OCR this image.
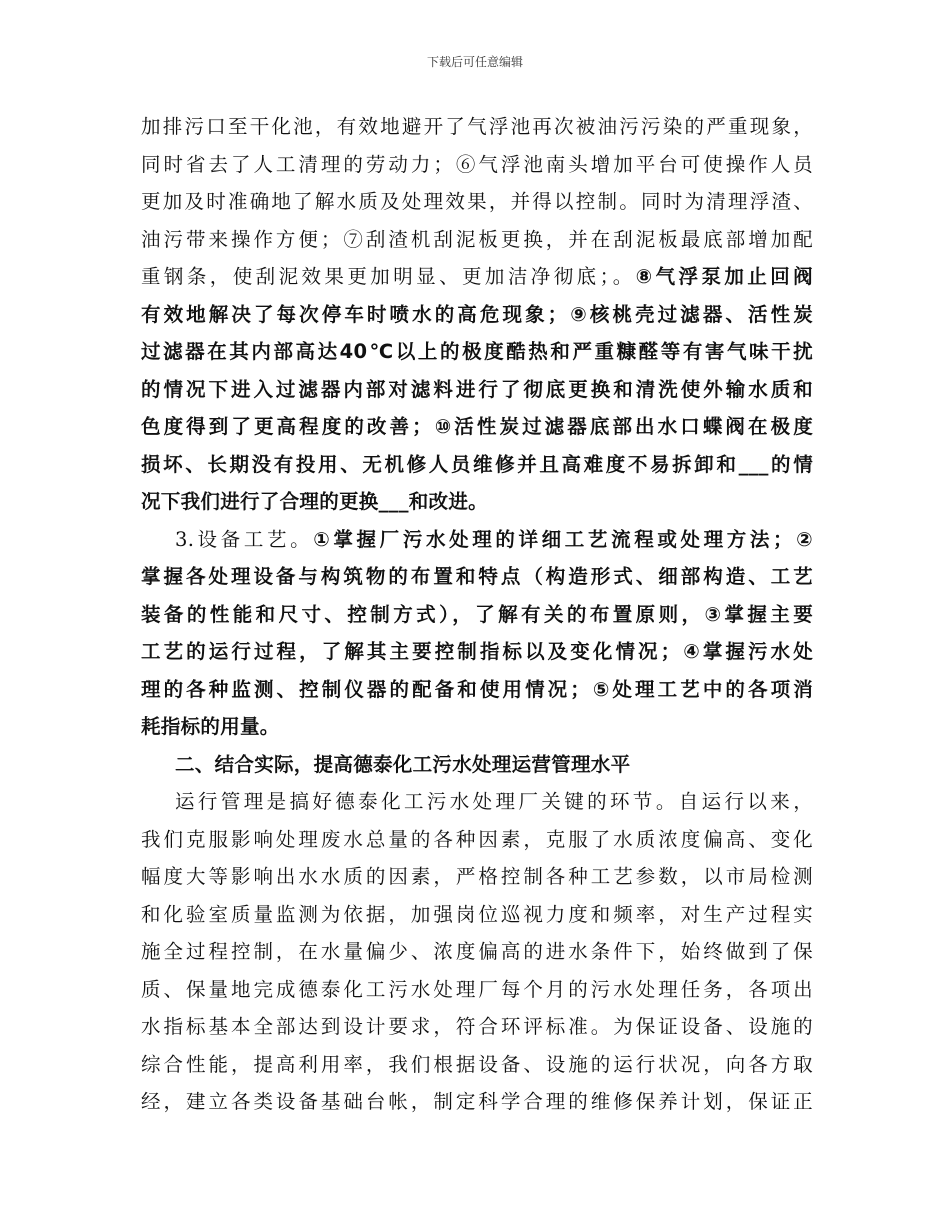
下载后可任意编辑
加排污口至干化池，有效地避开了气浮池再次被油污污染的严重现象，
同时省去了人工清理的劳动力；⑥气浮池南头增加平台可使操作人员
更加及时准确地了解水质及处理效果，并得以控制。同时为清理浮渣、
油污带来操作方便；⑦刮渣机刮泥板更换，并在刮泥板最底部增加配
重钢条，使刮泥效果更加明显、更加洁净彻底；。⑧气浮泵加止回阀
有效地解决了每次停车时喷水的高危现象；⑨核桃壳过滤器、活性炭
过滤器在其内部高达40℃以上的极度酷热和严重糠醛等有害气味干扰
的情况下进入过滤器内部对滤料进行了彻底更换和清洗使外输水质和
色度得到了更高程度的改善；⑩活性炭过滤器底部出水口蝶阀在极度
损坏、长期没有投用、无机修人员维修并且高难度不易拆卸和___的情
况下我们进行了合理的更换___和改进。
3.设备工艺。①掌握厂污水处理的详细工艺流程或处理方法；②
掌握各处理设备与构筑物的布置和特点（构造形式、细部构造、工艺
装备的性能和尺寸、控制方式），了解有关的布置原则，③掌握主要
工艺的运行过程，了解其主要控制指标以及变化情况；④掌握污水处
理的各种监测、控制仪器的配备和使用情况；⑤处理工艺中的各项消
耗指标的用量。
二、结合实际，提高德泰化工污水处理运营管理水平
运行管理是搞好德泰化工污水处理厂关键的环节。自运行以来，
我们克服影响处理废水总量的各种因素，克服了水质浓度偏高、变化
幅度大等影响出水水质的因素，严格控制各种工艺参数，以市局检测
和化验室质量监测为依据，加强岗位巡视力度和频率，对生产过程实
施全过程控制，在水量偏少、浓度偏高的进水条件下，始终做到了保
质、保量地完成德泰化工污水处理厂每个月的污水处理任务，各项出
水指标基本全部达到设计要求，符合环评标准。为保证设备、设施的
综合性能，提高利用率，我们根据设备、设施的运行状况，向各方取
经，建立各类设备基础台帐，制定科学合理的维修保养计划，保证正
